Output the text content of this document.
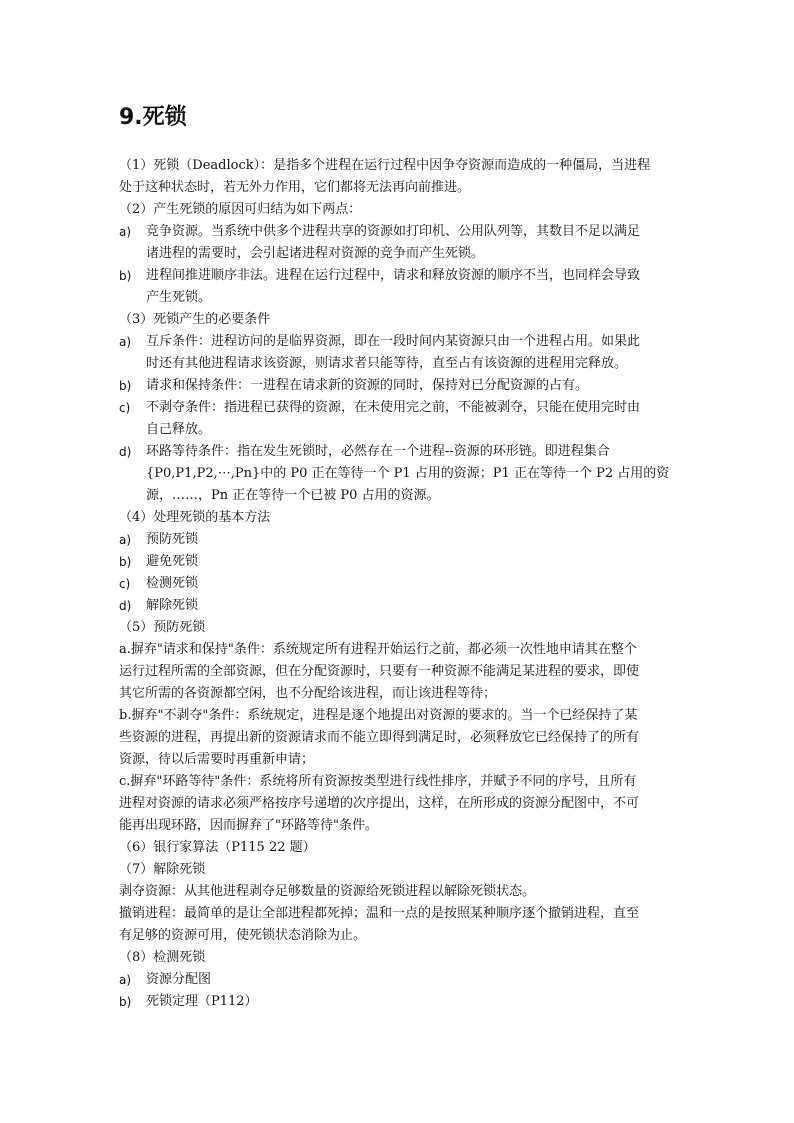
9.死锁
（1）死锁（Deadlock）：是指多个进程在运行过程中因争夺资源而造成的一种僵局，当进程
处于这种状态时，若无外力作用，它们都将无法再向前推进。
（2）产生死锁的原因可归结为如下两点：
a)	竞争资源。当系统中供多个进程共享的资源如打印机、公用队列等，其数目不足以满足
诸进程的需要时，会引起诸进程对资源的竞争而产生死锁。
b)	进程间推进顺序非法。进程在运行过程中，请求和释放资源的顺序不当，也同样会导致
产生死锁。
（3）死锁产生的必要条件
a)	互斥条件：进程访问的是临界资源，即在一段时间内某资源只由一个进程占用。如果此
时还有其他进程请求该资源，则请求者只能等待，直至占有该资源的进程用完释放。
b)	请求和保持条件：一进程在请求新的资源的同时，保持对已分配资源的占有。
c)	不剥夺条件：指进程已获得的资源，在未使用完之前，不能被剥夺，只能在使用完时由
自己释放。
d)	环路等待条件：指在发生死锁时，必然存在一个进程--资源的环形链。即进程集合
{P0,P1,P2,⋯,Pn}中的 P0 正在等待一个 P1 占用的资源；P1 正在等待一个 P2 占用的资
源，……，Pn 正在等待一个已被 P0 占用的资源。
（4）处理死锁的基本方法
a)	预防死锁
b)	避免死锁
c)	检测死锁
d)	解除死锁
（5）预防死锁
a.摒弃"请求和保持"条件：系统规定所有进程开始运行之前，都必须一次性地申请其在整个
运行过程所需的全部资源，但在分配资源时，只要有一种资源不能满足某进程的要求，即使
其它所需的各资源都空闲，也不分配给该进程，而让该进程等待；
b.摒弃"不剥夺"条件：系统规定，进程是逐个地提出对资源的要求的。当一个已经保持了某
些资源的进程，再提出新的资源请求而不能立即得到满足时，必须释放它已经保持了的所有
资源，待以后需要时再重新申请；
c.摒弃"环路等待"条件：系统将所有资源按类型进行线性排序，并赋予不同的序号，且所有
进程对资源的请求必须严格按序号递增的次序提出，这样，在所形成的资源分配图中，不可
能再出现环路，因而摒弃了"环路等待"条件。
（6）银行家算法（P115 22 题）
（7）解除死锁
剥夺资源：从其他进程剥夺足够数量的资源给死锁进程以解除死锁状态。
撤销进程：最简单的是让全部进程都死掉；温和一点的是按照某种顺序逐个撤销进程，直至
有足够的资源可用，使死锁状态消除为止。
（8）检测死锁
a)	资源分配图
b)	死锁定理（P112）
